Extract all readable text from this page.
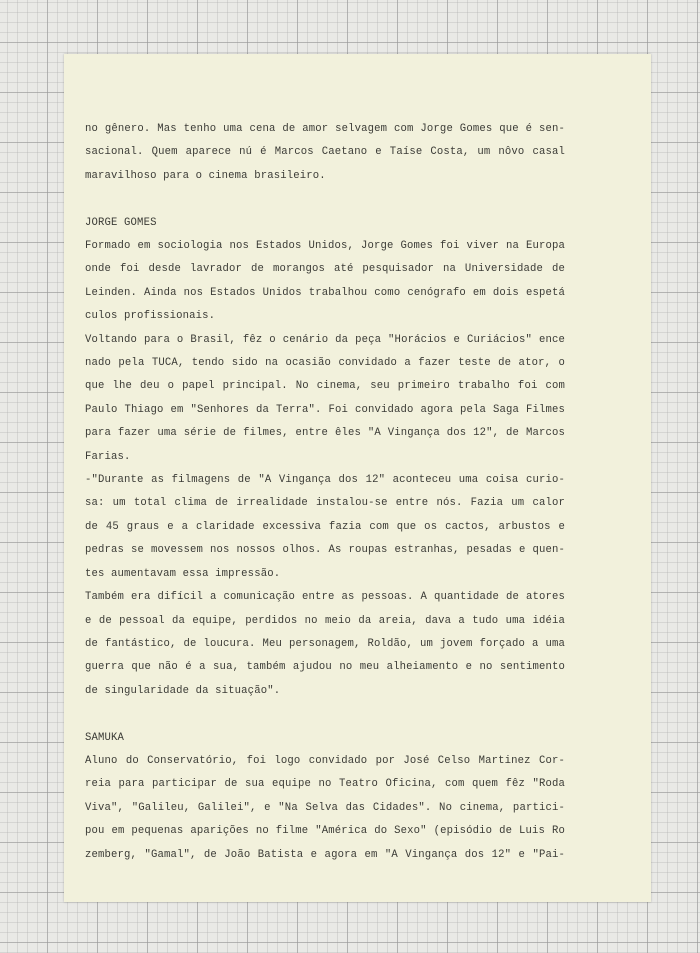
no gênero. Mas tenho uma cena de amor selvagem com Jorge Gomes que é sen-
sacional. Quem aparece nú é Marcos Caetano e Taíse Costa, um nôvo casal
maravilhoso para o cinema brasileiro.

JORGE GOMES

Formado em sociologia nos Estados Unidos, Jorge Gomes foi viver na Europa
onde foi desde lavrador de morangos até pesquisador na Universidade de
Leinden. Ainda nos Estados Unidos trabalhou como cenógrafo em dois espetá
culos profissionais.

Voltando para o Brasil, fêz o cenário da peça "Horácios e Curiácios" ence
nado pela TUCA, tendo sido na ocasião convidado a fazer teste de ator, o
que lhe deu o papel principal. No cinema, seu primeiro trabalho foi com
Paulo Thiago em "Senhores da Terra". Foi convidado agora pela Saga Filmes
para fazer uma série de filmes, entre êles "A Vingança dos 12", de Marcos
Farias.

-"Durante as filmagens de "A Vingança dos 12" aconteceu uma coisa curio-
sa: um total clima de irrealidade instalou-se entre nós. Fazia um calor
de 45 graus e a claridade excessiva fazia com que os cactos, arbustos e
pedras se movessem nos nossos olhos. As roupas estranhas, pesadas e quen-
tes aumentavam essa impressão.

Também era difícil a comunicação entre as pessoas. A quantidade de atores
e de pessoal da equipe, perdidos no meio da areia, dava a tudo uma idéia
de fantástico, de loucura. Meu personagem, Roldão, um jovem forçado a uma
guerra que não é a sua, também ajudou no meu alheiamento e no sentimento
de singularidade da situação".

SAMUKA

Aluno do Conservatório, foi logo convidado por José Celso Martinez Cor-
reia para participar de sua equipe no Teatro Oficina, com quem fêz "Roda
Viva", "Galileu, Galilei", e "Na Selva das Cidades". No cinema, partici-
pou em pequenas aparições no filme "América do Sexo" (episódio de Luis Ro
zemberg, "Gamal", de João Batista e agora em "A Vingança dos 12" e "Pai-
